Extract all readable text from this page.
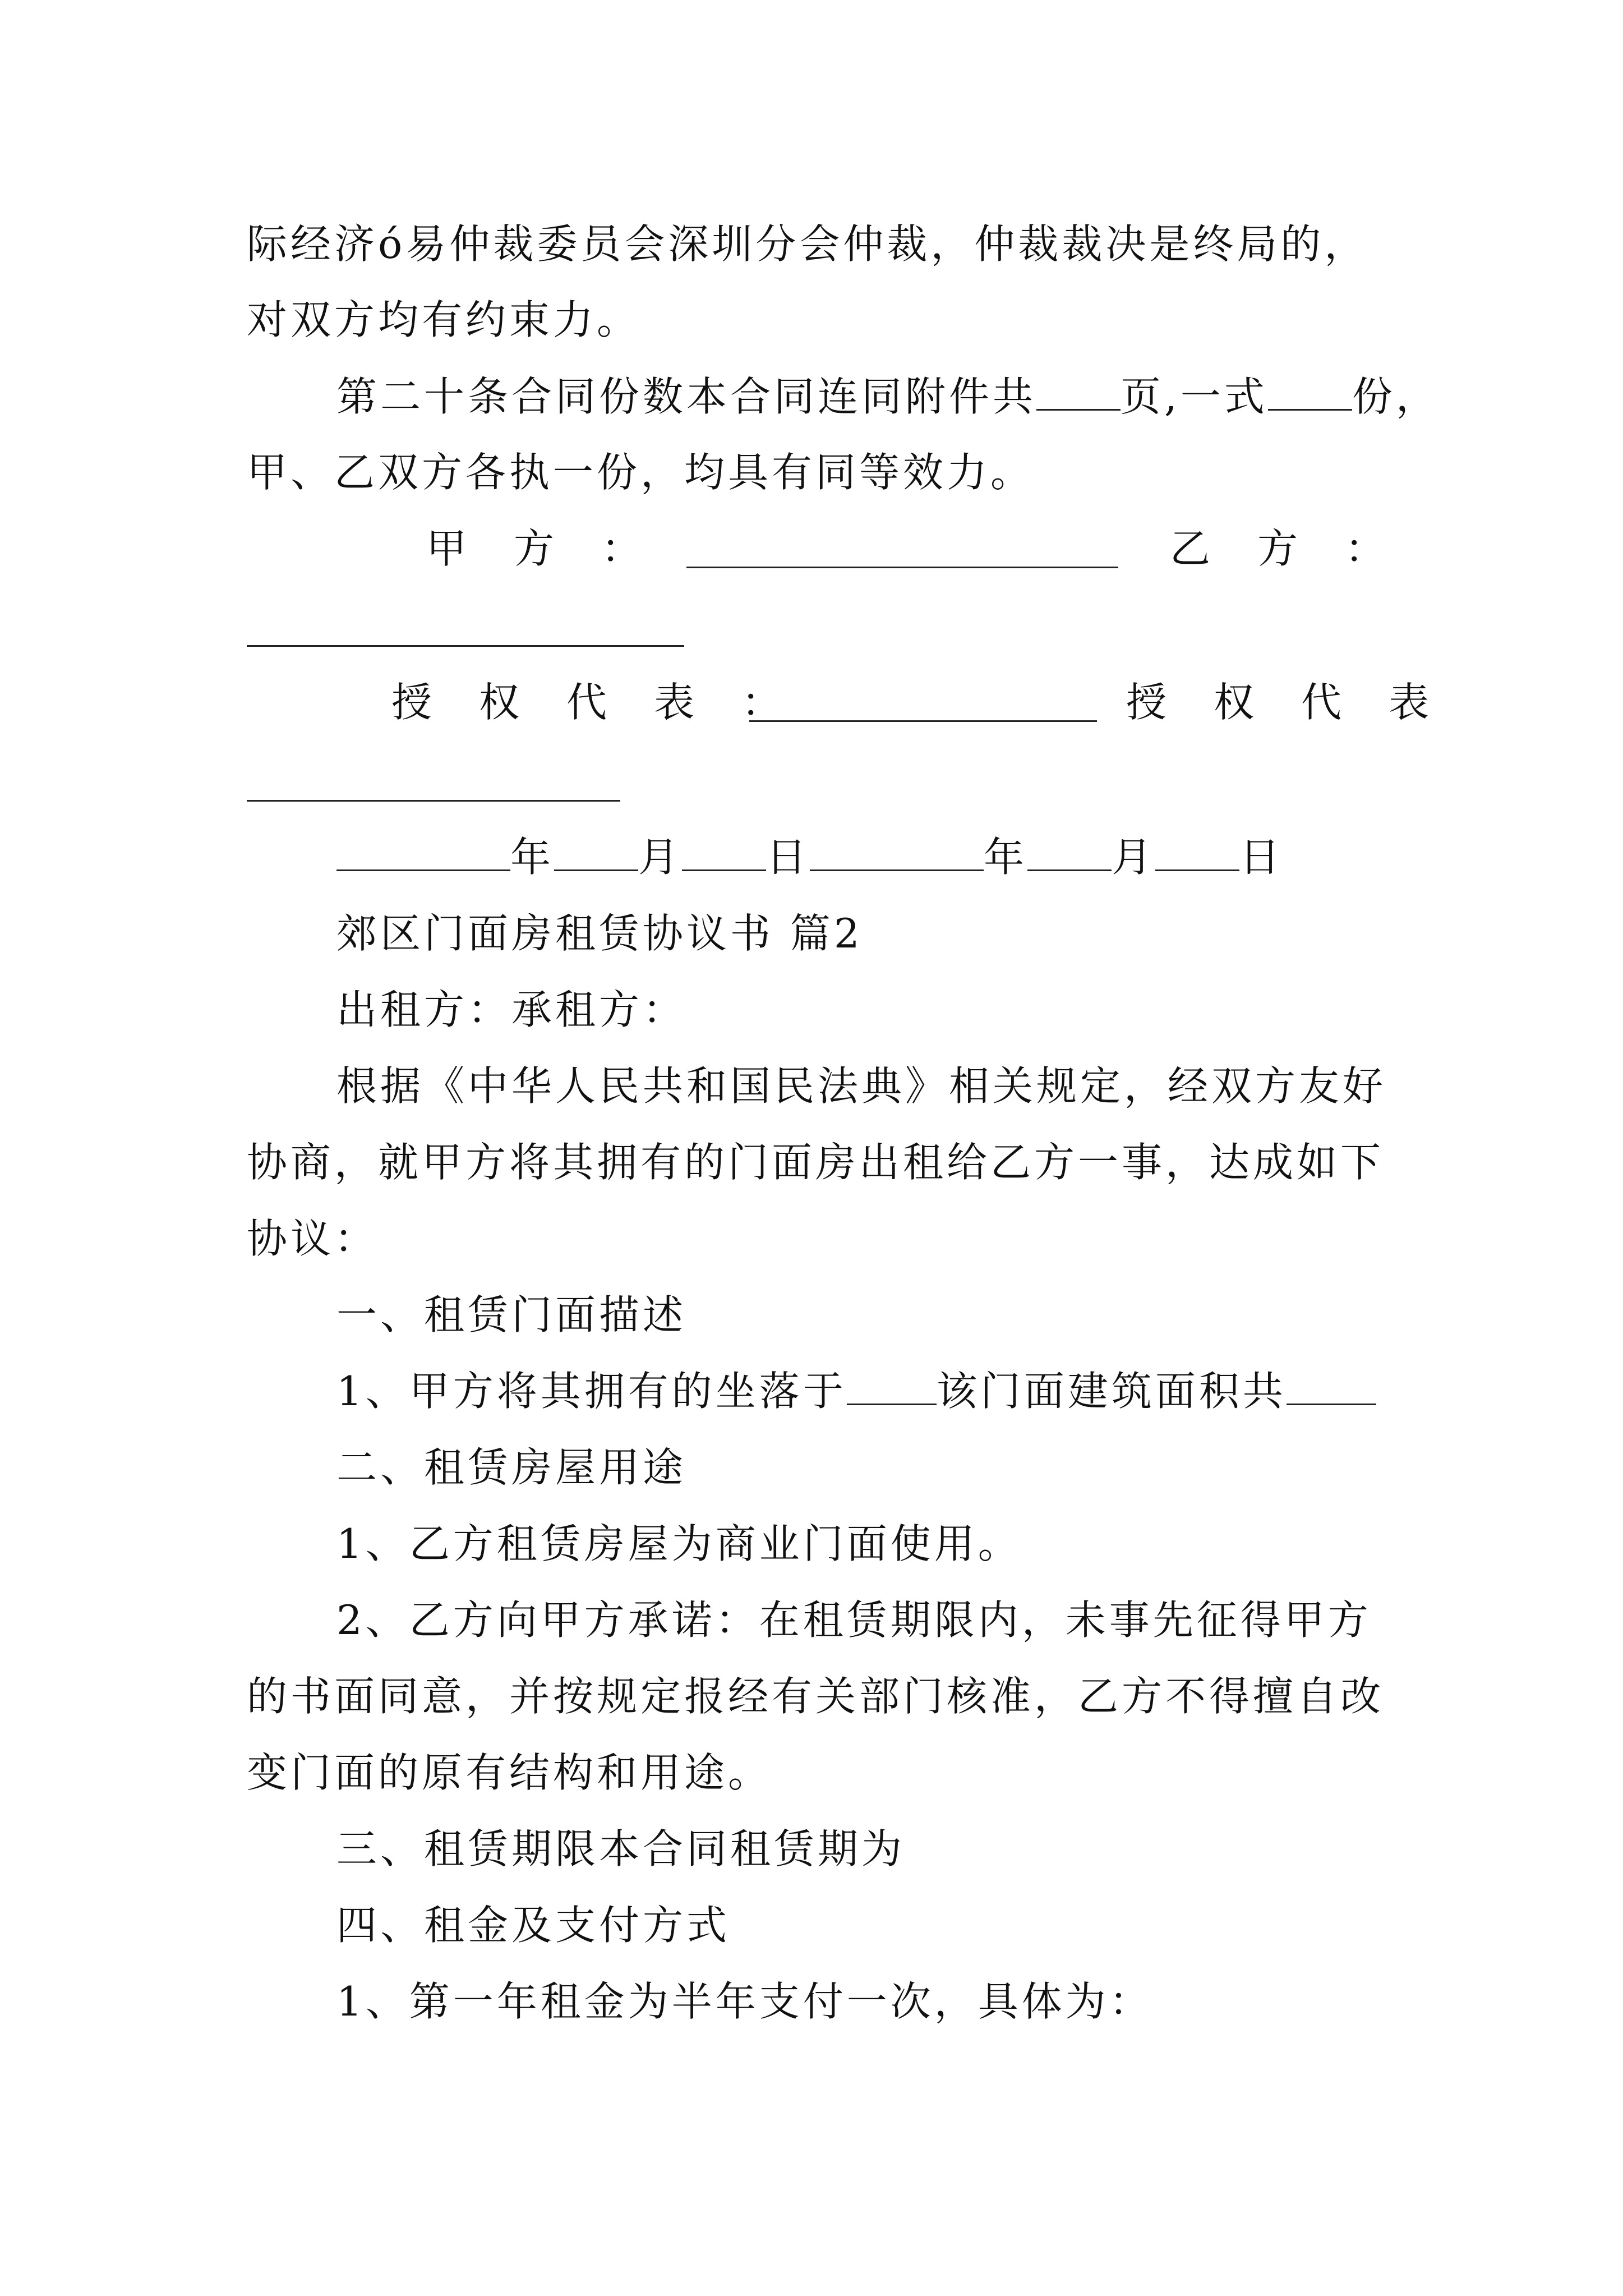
际经济ó易仲裁委员会深圳分会仲裁，仲裁裁决是终局的，
对双方均有约束力。
第二十条合同份数本合同连同附件共 页,一式 份，
甲、乙双方各执一份，均具有同等效力。
甲　方　：	乙　方　：
授　权　代　表　：	授　权　代　表
年 月 日	年 月 日
郊区门面房租赁协议书 篇2
出租方：承租方：
根据《中华人民共和国民法典》相关规定，经双方友好
协商，就甲方将其拥有的门面房出租给乙方一事，达成如下
协议：
一、租赁门面描述
1、甲方将其拥有的坐落于 该门面建筑面积共
二、租赁房屋用途
1、乙方租赁房屋为商业门面使用。
2、乙方向甲方承诺：在租赁期限内，未事先征得甲方
的书面同意，并按规定报经有关部门核准，乙方不得擅自改
变门面的原有结构和用途。
三、租赁期限本合同租赁期为
四、租金及支付方式
1、第一年租金为半年支付一次，具体为：
